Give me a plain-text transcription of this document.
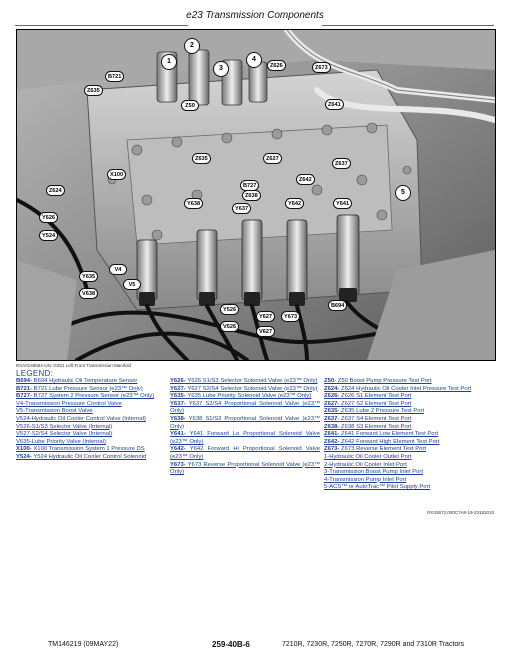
e23 Transmission Components
B721
Z635
Z50
Z626	Z673
Z641
Z635	Z627
Z637
X100
B727
Z642
Z624
Z638
Y638
Y637
Y642	Y641
Y626
Y524
V4
V5
Y635
V638
B694
Y526
V526
Y627	Y673
V627
1
2
3
4
5
RXA0148554-UN: GZ01 Left Front Transmission Manifold
LEGEND:
B694- B694 Hydraulic Oil Temperature Sensor
B721- B721 Lube Pressure Sensor (e23™ Only)
B727- B727 System 2 Pressure Sensor (e23™ Only)
V4-Transmission Pressure Control Valve
V5-Transmission Boost Valve
V524-Hydraulic Oil Cooler Control Valve (Internal)
V526-S1/S3 Selector Valve (Internal)
V527-S2/S4 Selector Valve (Internal)
V635-Lube Priority Valve (Internal)
X100- X100 Transmission System 1 Pressure DS
Y524- Y524 Hydraulic Oil Cooler Control Solenoid
Y626- Y626 S1/S3 Selector Solenoid Valve (e23™ Only)
Y627- Y627 S2/S4 Selector Solenoid Valve (e23™ Only)
Y635- Y635 Lube Priority Solenoid Valve (e23™ Only)
Y637- Y637 S2/S4 Proportional Solenoid Valve (e23™ Only)
Y638- Y638 S1/S3 Proportional Solenoid Valve (e23™ Only)
Y641- Y641 Forward Lo Proportional Solenoid Valve (e23™ Only)
Y642- Y642 Forward Hi Proportional Solenoid Valve (e23™ Only)
Y673- Y673 Reverse Proportional Solenoid Valve (e23™ Only)
Z50- Z50 Boost Pump Pressure Test Port
Z624- Z624 Hydraulic Oil Cooler Inlet Pressure Test Port
Z626- Z626 S1 Element Test Port
Z627- Z627 S2 Element Test Port
Z635- Z635 Lube 2 Pressure Test Port
Z637- Z637 S4 Element Test Port
Z638- Z638 S3 Element Test Port
Z641- Z641 Forward Low Element Test Port
Z642- Z642 Forward High Element Test Port
Z673- Z673 Reverse Element Test Port
1-Hydraulic Oil Cooler Outlet Port
2-Hydraulic Oil Cooler Inlet Port
3-Transmission Boost Pump Inlet Port
4-Transmission Pump Inlet Port
5-ACS™ or AutoTrac™ Pilot Supply Port
RX33672,000C7A8-19-23181010
TM146219 (09MAY22)	259-40B-6	7210R, 7230R, 7250R, 7270R, 7290R and 7310R Tractors
